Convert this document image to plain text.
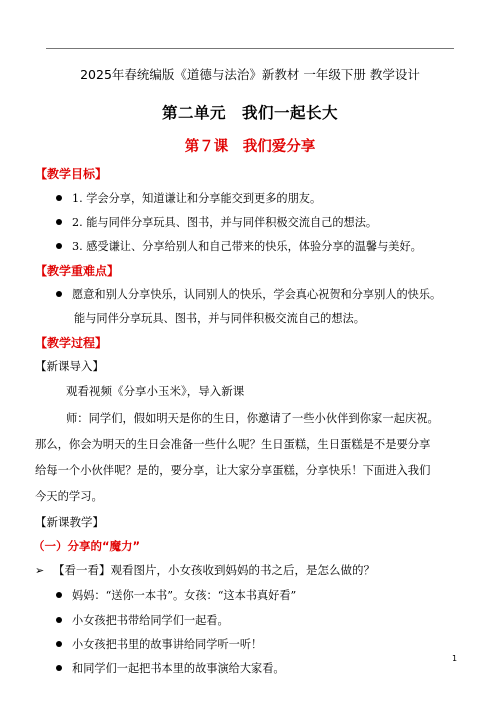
2025年春统编版《道德与法治》新教材 一年级下册 教学设计
第二单元　我们一起长大
第７课　我们爱分享
【教学目标】
1. 学会分享，知道谦让和分享能交到更多的朋友。
2. 能与同伴分享玩具、图书，并与同伴积极交流自己的想法。
3. 感受谦让、分享给别人和自己带来的快乐，体验分享的温馨与美好。
【教学重难点】
愿意和别人分享快乐，认同别人的快乐，学会真心祝贺和分享别人的快乐。
能与同伴分享玩具、图书，并与同伴积极交流自己的想法。
【教学过程】
【新课导入】
观看视频《分享小玉米》，导入新课
师：同学们，假如明天是你的生日，你邀请了一些小伙伴到你家一起庆祝。
那么，你会为明天的生日会准备一些什么呢？生日蛋糕，生日蛋糕是不是要分享
给每一个小伙伴呢？是的，要分享，让大家分享蛋糕，分享快乐！下面进入我们
今天的学习。
【新课教学】
（一）分享的“魔力”
➢ 【看一看】观看图片，小女孩收到妈妈的书之后，是怎么做的？
妈妈：“送你一本书”。女孩：“这本书真好看”
小女孩把书带给同学们一起看。
小女孩把书里的故事讲给同学听一听！
和同学们一起把书本里的故事演给大家看。
1
